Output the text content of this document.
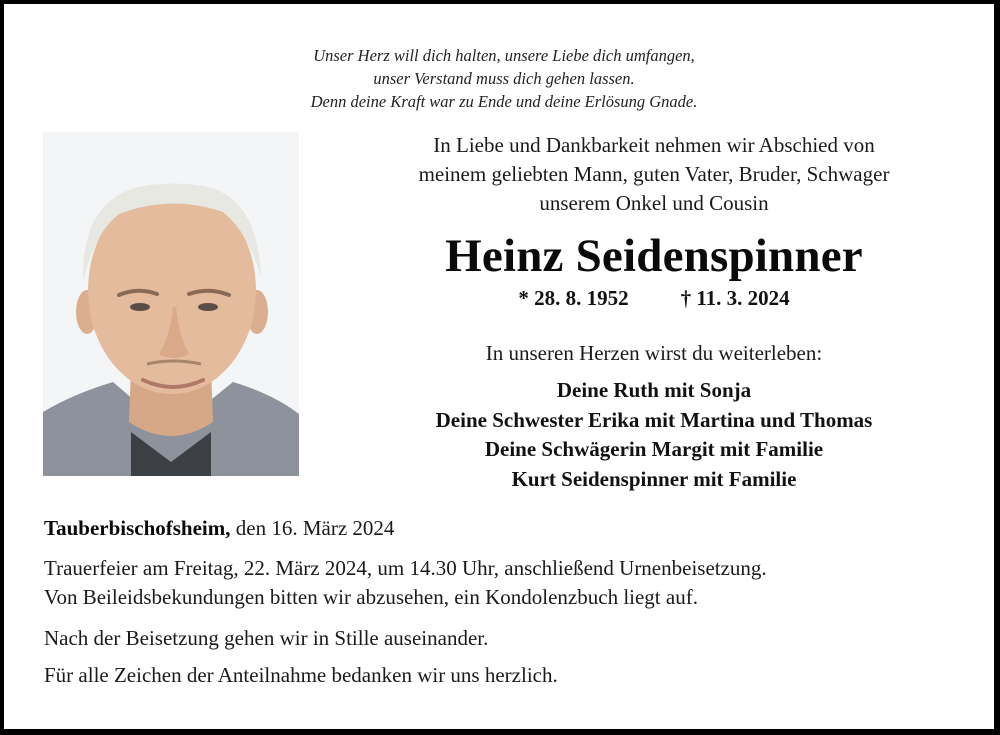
Unser Herz will dich halten, unsere Liebe dich umfangen,
unser Verstand muss dich gehen lassen.
Denn deine Kraft war zu Ende und deine Erlösung Gnade.
In Liebe und Dankbarkeit nehmen wir Abschied von
meinem geliebten Mann, guten Vater, Bruder, Schwager
unserem Onkel und Cousin
Heinz Seidenspinner
* 28. 8. 1952 † 11. 3. 2024
In unseren Herzen wirst du weiterleben:
Deine Ruth mit Sonja
Deine Schwester Erika mit Martina und Thomas
Deine Schwägerin Margit mit Familie
Kurt Seidenspinner mit Familie
Tauberbischofsheim, den 16. März 2024
Trauerfeier am Freitag, 22. März 2024, um 14.30 Uhr, anschließend Urnenbeisetzung.
Von Beileidsbekundungen bitten wir abzusehen, ein Kondolenzbuch liegt auf.
Nach der Beisetzung gehen wir in Stille auseinander.
Für alle Zeichen der Anteilnahme bedanken wir uns herzlich.
